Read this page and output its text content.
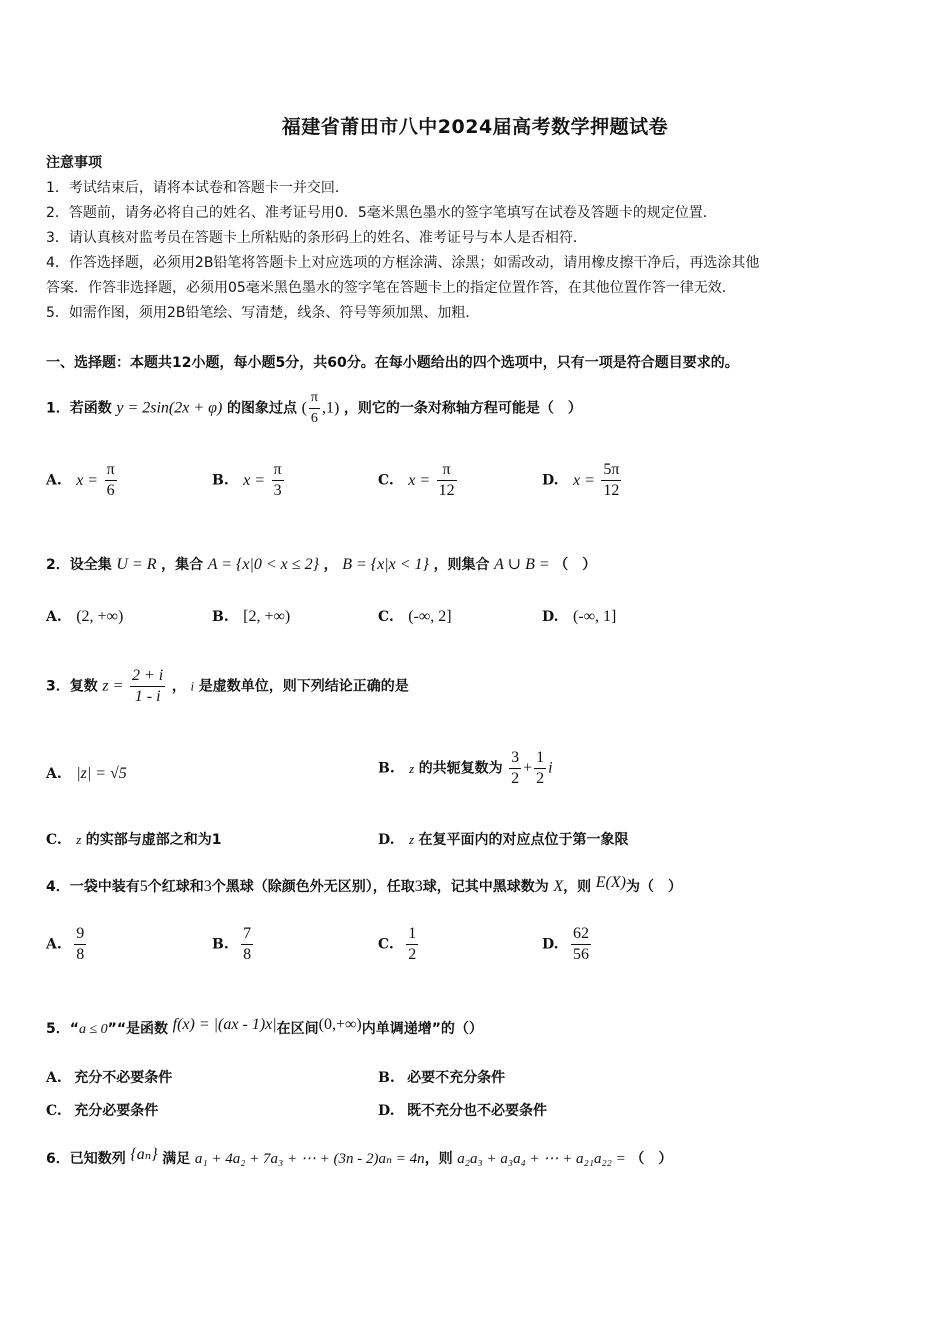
福建省莆田市八中2024届高考数学押题试卷
注意事项
1．考试结束后，请将本试卷和答题卡一并交回．
2．答题前，请务必将自己的姓名、准考证号用0．5毫米黑色墨水的签字笔填写在试卷及答题卡的规定位置．
3．请认真核对监考员在答题卡上所粘贴的条形码上的姓名、准考证号与本人是否相符．
4．作答选择题，必须用2B铅笔将答题卡上对应选项的方框涂满、涂黑；如需改动，请用橡皮擦干净后，再选涂其他
答案．作答非选择题，必须用05毫米黑色墨水的签字笔在答题卡上的指定位置作答，在其他位置作答一律无效．
5．如需作图，须用2B铅笔绘、写清楚，线条、符号等须加黑、加粗．
一、选择题：本题共12小题，每小题5分，共60分。在每小题给出的四个选项中，只有一项是符合题目要求的。
1．若函数 y = 2sin(2x + φ) 的图象过点 ( $\frac{\pi}{6} ,1$) ，则它的一条对称轴方程可能是（　）
A. $x = \frac{\pi}{6}$	B. $x = \frac{\pi}{3}$	C. $x = \frac{\pi}{12}$	D. $x = \frac{5\pi}{12}$
2．设全集 U = R ，集合 A = {x|0 < x ≤ 2} ， B = {x|x < 1} ，则集合 A ∪ B = （　）
A. (2, +∞)	B. [2, +∞)	C. (-∞, 2]	D. (-∞, 1]
3．复数 $z = \frac{2 + i}{1 - i}$ ， i 是虚数单位，则下列结论正确的是
A. |z| = √5	B. z 的共轭复数为 $\frac{3}{2} + \frac{1}{2}$ i
C. z 的实部与虚部之和为1	D. z 在复平面内的对应点位于第一象限
4．一袋中装有5个红球和3个黑球（除颜色外无区别），任取3球，记其中黑球数为 X，则 E(X)为（　）
A. $\frac{9}{8}$	B. $\frac{7}{8}$	C. $\frac{1}{2}$	D. $\frac{62}{56}$
5．“a ≤ 0”“是函数 f(x) = |(ax - 1)x|在区间(0,+∞)内单调递增”的（）
A. 充分不必要条件	B. 必要不充分条件
C. 充分必要条件	D. 既不充分也不必要条件
6．已知数列 {aₙ} 满足 a₁ + 4a₂ + 7a₃ + ⋯ + (3n - 2)aₙ = 4n，则 a₂a₃ + a₃a₄ + ⋯ + a₂₁a₂₂ = （　）
